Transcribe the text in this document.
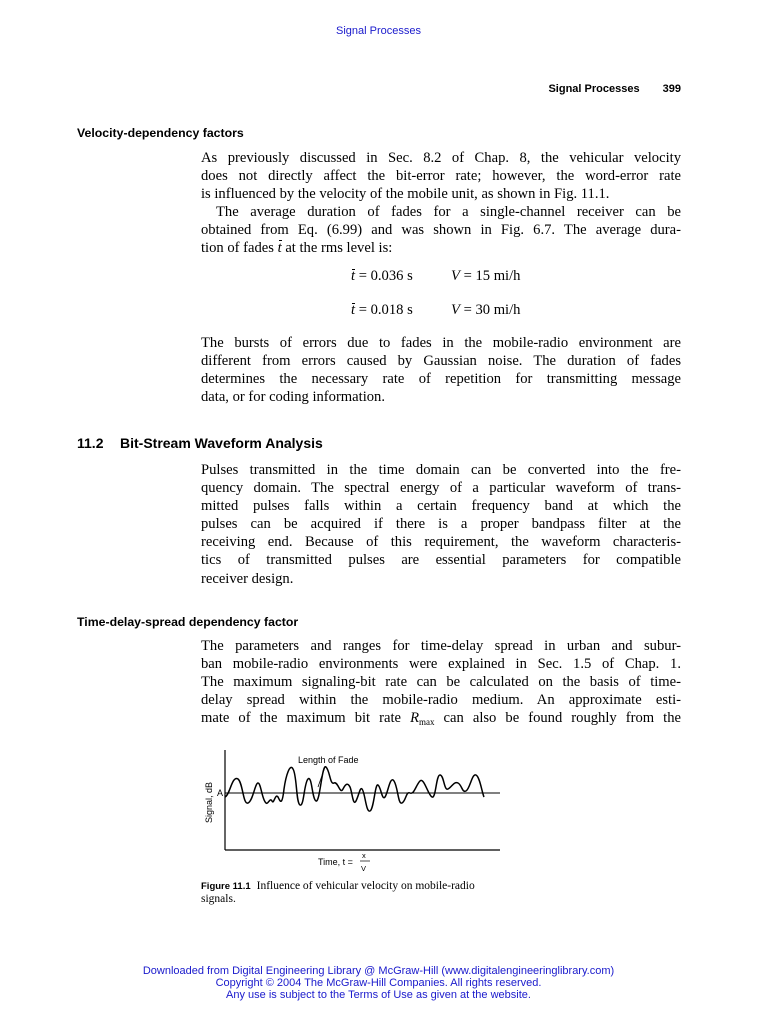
Signal Processes
Signal Processes 399
Velocity-dependency factors
As previously discussed in Sec. 8.2 of Chap. 8, the vehicular velocity
does not directly affect the bit-error rate; however, the word-error rate
is influenced by the velocity of the mobile unit, as shown in Fig. 11.1.
The average duration of fades for a single-channel receiver can be
obtained from Eq. (6.99) and was shown in Fig. 6.7. The average dura-
tion of fades t at the rms level is:
t = 0.036 s	V = 15 mi/h
t = 0.018 s	V = 30 mi/h
The bursts of errors due to fades in the mobile-radio environment are
different from errors caused by Gaussian noise. The duration of fades
determines the necessary rate of repetition for transmitting message
data, or for coding information.
11.2 Bit-Stream Waveform Analysis
Pulses transmitted in the time domain can be converted into the fre-
quency domain. The spectral energy of a particular waveform of trans-
mitted pulses falls within a certain frequency band at which the
pulses can be acquired if there is a proper bandpass filter at the
receiving end. Because of this requirement, the waveform characteris-
tics of transmitted pulses are essential parameters for compatible
receiver design.
Time-delay-spread dependency factor
The parameters and ranges for time-delay spread in urban and subur-
ban mobile-radio environments were explained in Sec. 1.5 of Chap. 1.
The maximum signaling-bit rate can be calculated on the basis of time-
delay spread within the mobile-radio medium. An approximate esti-
mate of the maximum bit rate $R_{max}$ can also be found roughly from the
Length of Fade
Signal, dB A
Time, t =
x
V
Figure 11.1 Influence of vehicular velocity on mobile-radio signals.
Downloaded from Digital Engineering Library @ McGraw-Hill (www.digitalengineeringlibrary.com)
Copyright © 2004 The McGraw-Hill Companies. All rights reserved.
Any use is subject to the Terms of Use as given at the website.
